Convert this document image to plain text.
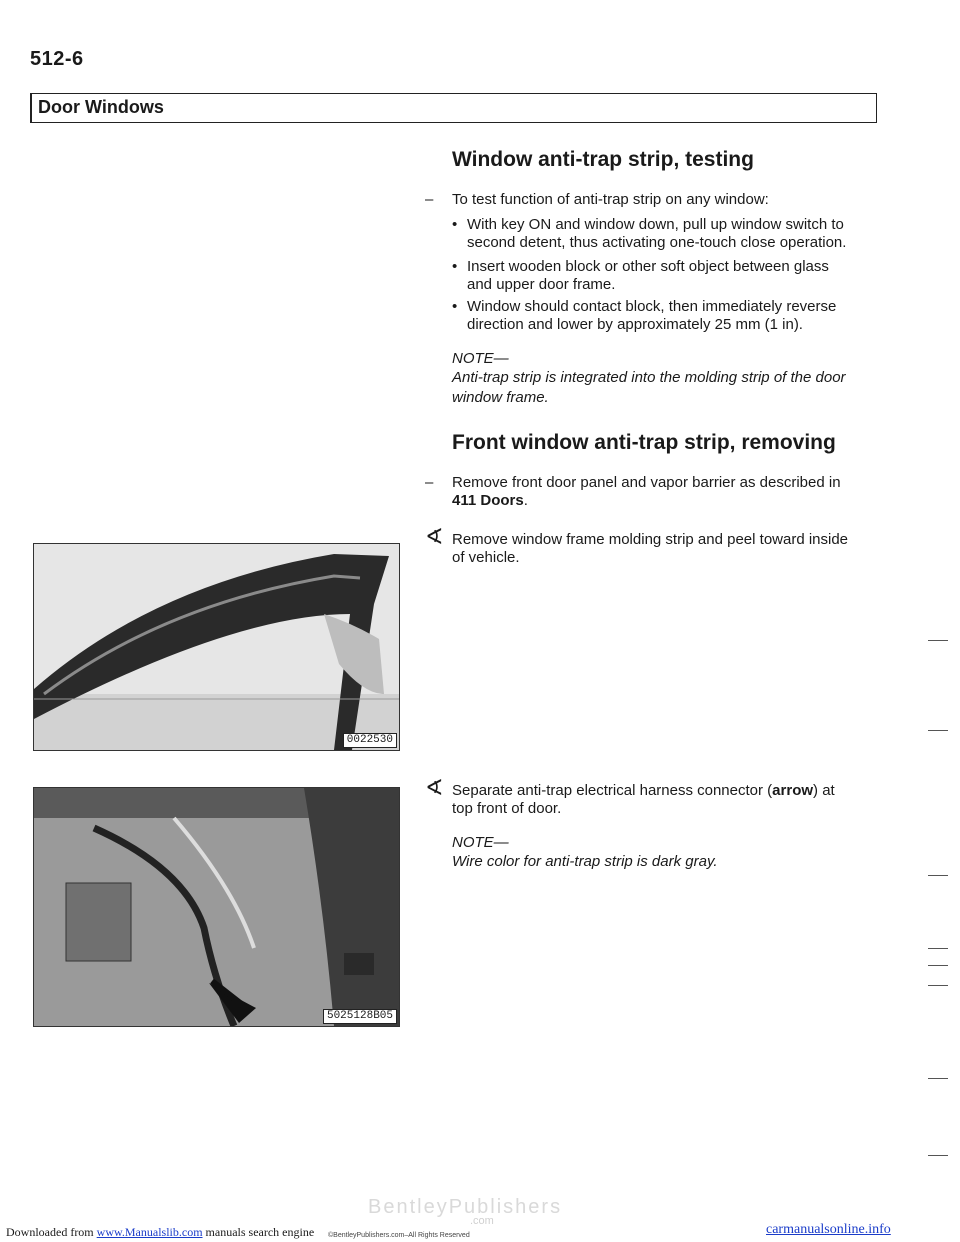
512-6
Door Windows
Window anti-trap strip, testing
– To test function of anti-trap strip on any window:
• With key ON and window down, pull up window switch to
second detent, thus activating one-touch close operation.
• Insert wooden block or other soft object between glass
and upper door frame.
• Window should contact block, then immediately reverse
direction and lower by approximately 25 mm (1 in).
NOTE—
Anti-trap strip is integrated into the molding strip of the door
window frame.
Front window anti-trap strip, removing
– Remove front door panel and vapor barrier as described in
411 Doors.
∢ Remove window frame molding strip and peel toward inside
of vehicle.
∢ Separate anti-trap electrical harness connector (arrow) at
top front of door.
NOTE—
Wire color for anti-trap strip is dark gray.
0022530
5025128B05
BentleyPublishers
.com
©BentleyPublishers.com–All Rights Reserved
Downloaded from www.Manualslib.com manuals search engine	carmanualsonline.info
